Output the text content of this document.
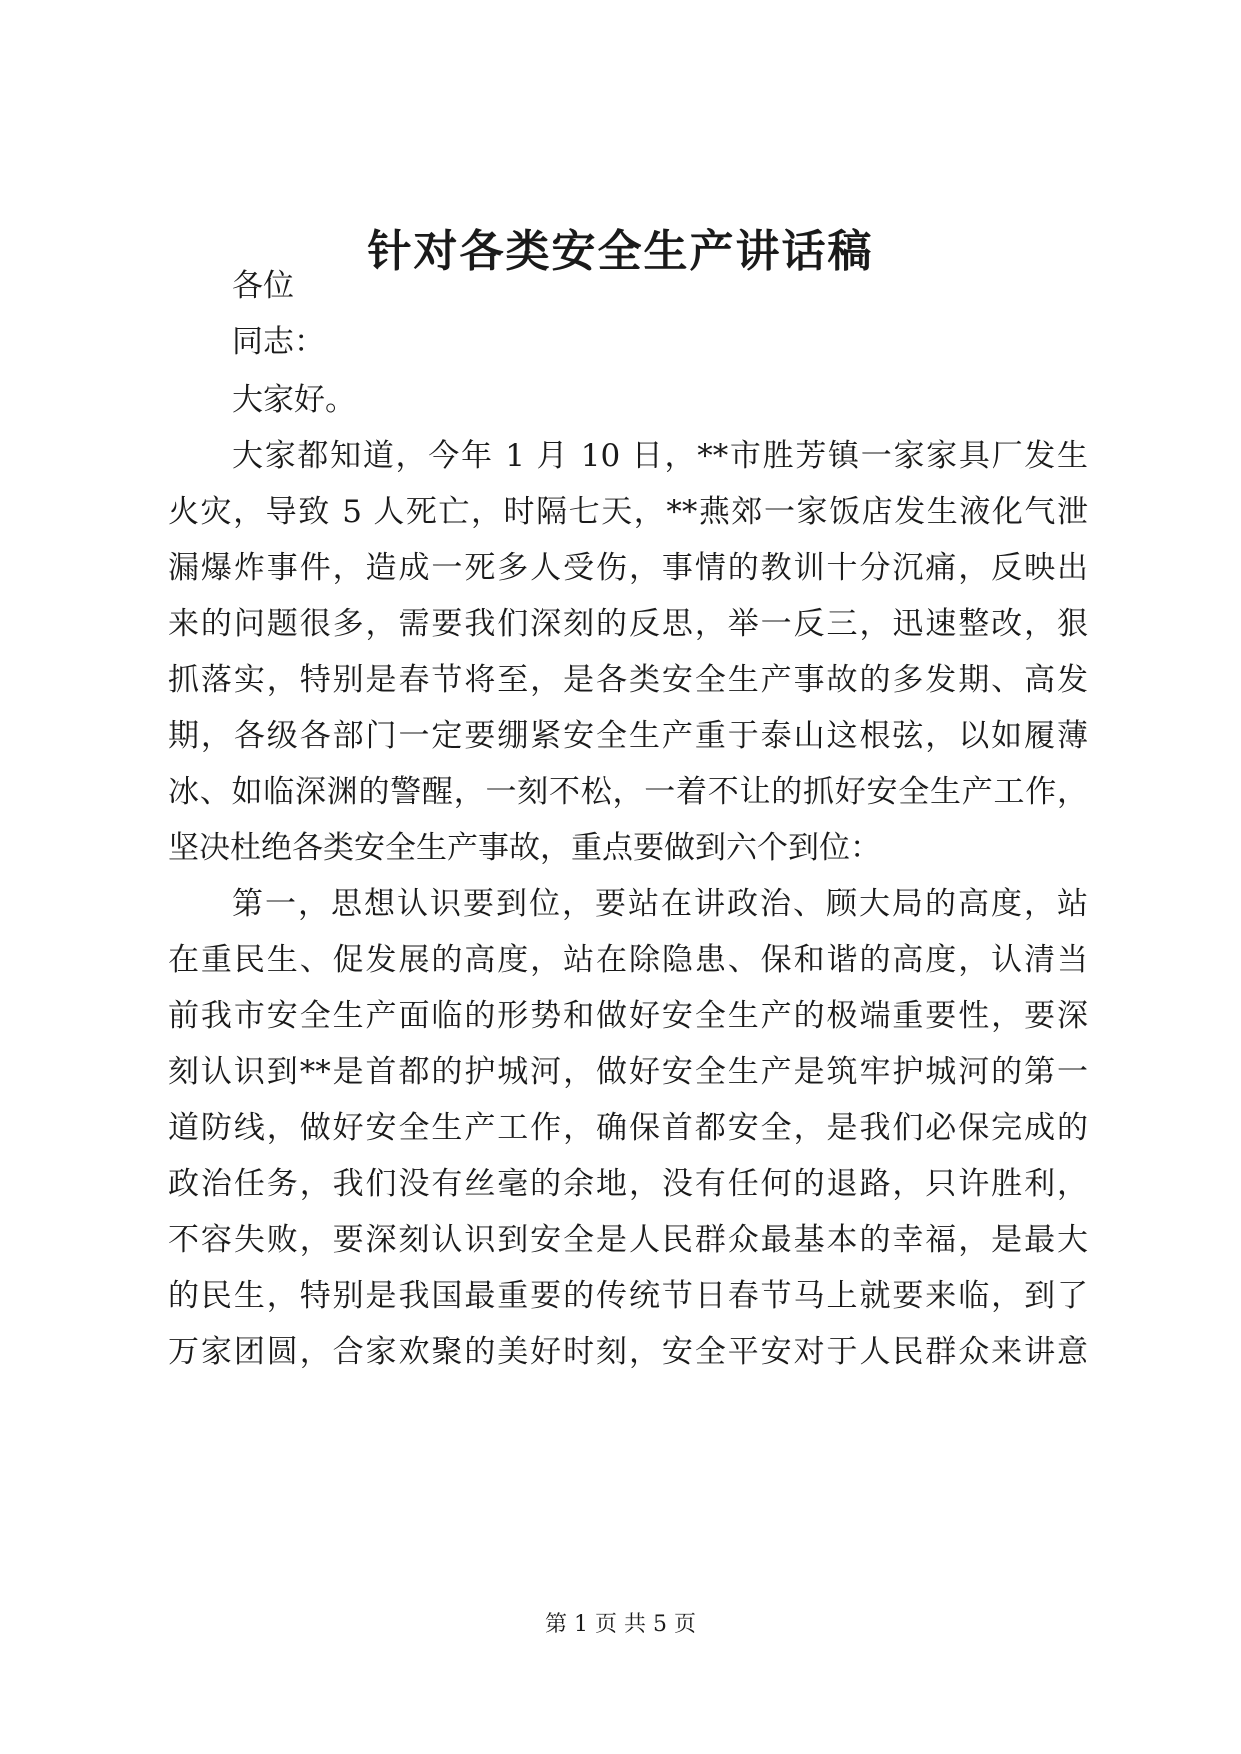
针对各类安全生产讲话稿
各位
同志：
大家好。
大家都知道，今年 1 月 10 日，**市胜芳镇一家家具厂发生
火灾，导致 5 人死亡，时隔七天，**燕郊一家饭店发生液化气泄
漏爆炸事件，造成一死多人受伤，事情的教训十分沉痛，反映出
来的问题很多，需要我们深刻的反思，举一反三，迅速整改，狠
抓落实，特别是春节将至，是各类安全生产事故的多发期、高发
期，各级各部门一定要绷紧安全生产重于泰山这根弦，以如履薄
冰、如临深渊的警醒，一刻不松，一着不让的抓好安全生产工作，
坚决杜绝各类安全生产事故，重点要做到六个到位：
第一，思想认识要到位，要站在讲政治、顾大局的高度，站
在重民生、促发展的高度，站在除隐患、保和谐的高度，认清当
前我市安全生产面临的形势和做好安全生产的极端重要性，要深
刻认识到**是首都的护城河，做好安全生产是筑牢护城河的第一
道防线，做好安全生产工作，确保首都安全，是我们必保完成的
政治任务，我们没有丝毫的余地，没有任何的退路，只许胜利，
不容失败，要深刻认识到安全是人民群众最基本的幸福，是最大
的民生，特别是我国最重要的传统节日春节马上就要来临，到了
万家团圆，合家欢聚的美好时刻，安全平安对于人民群众来讲意
第 1 页 共 5 页
